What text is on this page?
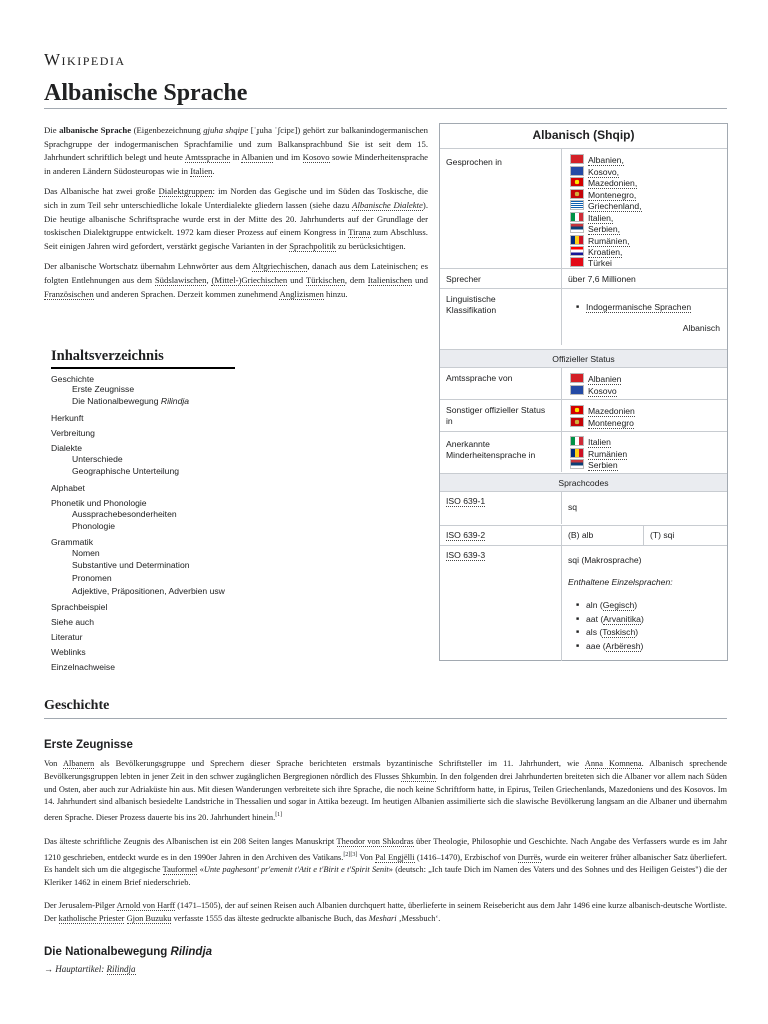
Wikipedia
Albanische Sprache

Die albanische Sprache (Eigenbezeichnung gjuha shqipe [ˈɟuha ˈʃcipɛ]) gehört zur balkanindogermanischen Sprachgruppe der indogermanischen Sprachfamilie und zum Balkansprachbund Sie ist seit dem 15. Jahrhundert schriftlich belegt und heute Amtssprache in Albanien und im Kosovo sowie Minderheitensprache in anderen Ländern Südosteuropas wie in Italien.

Das Albanische hat zwei große Dialektgruppen: im Norden das Gegische und im Süden das Toskische, die sich in zum Teil sehr unterschiedliche lokale Unterdialekte gliedern lassen (siehe dazu Albanische Dialekte). Die heutige albanische Schriftsprache wurde erst in der Mitte des 20. Jahrhunderts auf der Grundlage der toskischen Dialektgruppe entwickelt. 1972 kam dieser Prozess auf einem Kongress in Tirana zum Abschluss. Seit einigen Jahren wird gefordert, verstärkt gegische Varianten in der Sprachpolitik zu berücksichtigen.

Der albanische Wortschatz übernahm Lehnwörter aus dem Altgriechischen, danach aus dem Lateinischen; es folgten Entlehnungen aus dem Südslawischen, (Mittel-)Griechischen und Türkischen, dem Italienischen und Französischen und anderen Sprachen. Derzeit kommen zunehmend Anglizismen hinzu.

Albanisch (Shqip)
Gesprochen in	Albanien,
Kosovo,
Mazedonien,
Montenegro,
Griechenland,
Italien,
Serbien,
Rumänien,
Kroatien,
Türkei
Sprecher	über 7,6 Millionen
Linguistische Klassifikation
■	Indogermanische Sprachen
Albanisch
Offizieller Status
Amtssprache von	Albanien
Kosovo
Sonstiger offizieller Status in
Mazedonien
Montenegro
Anerkannte Minderheitensprache in
Italien
Rumänien
Serbien
Sprachcodes
ISO 639-1
sq
ISO 639-2	(B) alb	(T) sqi
ISO 639-3	sqi (Makrosprache)
Enthaltene Einzelsprachen:
■ aln (Gegisch)
■ aat (Arvanitika)
■ als (Toskisch)
■ aae (Arbëresh)
Inhaltsverzeichnis
Geschichte
Erste Zeugnisse
Die Nationalbewegung Rilindja
Herkunft
Verbreitung
Dialekte
Unterschiede
Geographische Unterteilung
Alphabet
Phonetik und Phonologie
Aussprachebesonderheiten
Phonologie
Grammatik
Nomen
Substantive und Determination
Pronomen
Adjektive, Präpositionen, Adverbien usw
Sprachbeispiel
Siehe auch
Literatur
Weblinks
Einzelnachweise
Geschichte
Erste Zeugnisse
Von Albanern als Bevölkerungsgruppe und Sprechern dieser Sprache berichteten erstmals byzantinische Schriftsteller im 11. Jahrhundert, wie Anna Komnena. Albanisch sprechende Bevölkerungsgruppen lebten in jener Zeit in den schwer zugänglichen Bergregionen nördlich des Flusses Shkumbin. In den folgenden drei Jahrhunderten breiteten sich die Albaner vor allem nach Süden und Osten, aber auch zur Adriaküste hin aus. Mit diesen Wanderungen verbreitete sich ihre Sprache, die noch keine Schriftform hatte, in Epirus, Teilen Griechenlands, Mazedoniens und des Kosovos. Im 14. Jahrhundert sind albanisch besiedelte Landstriche in Thessalien und sogar in Attika bezeugt. Im heutigen Albanien assimilierte sich die slawische Bevölkerung langsam an die Albaner und übernahm deren Sprache. Dieser Prozess dauerte bis ins 20. Jahrhundert hinein.[1]
Das älteste schriftliche Zeugnis des Albanischen ist ein 208 Seiten langes Manuskript Theodor von Shkodras über Theologie, Philosophie und Geschichte. Nach Angabe des Verfassers wurde es im Jahr 1210 geschrieben, entdeckt wurde es in den 1990er Jahren in den Archiven des Vatikans.[2][3] Von Pal Engjëlli (1416–1470), Erzbischof von Durrës, wurde ein weiterer früher albanischer Satz überliefert. Es handelt sich um die altgegische Tauformel «Unte paghesont' pr'emenit t'Atit e t'Birit e t'Spirit Senit» (deutsch: „Ich taufe Dich im Namen des Vaters und des Sohnes und des Heiligen Geistes") die der Kleriker 1462 in einem Brief niederschrieb.
Der Jerusalem-Pilger Arnold von Harff (1471–1505), der auf seinen Reisen auch Albanien durchquert hatte, überlieferte in seinem Reisebericht aus dem Jahr 1496 eine kurze albanisch-deutsche Wortliste. Der katholische Priester Gjon Buzuku verfasste 1555 das älteste gedruckte albanische Buch, das Meshari ‚Messbuch‘.
Die Nationalbewegung Rilindja
→ Hauptartikel: Rilindja
